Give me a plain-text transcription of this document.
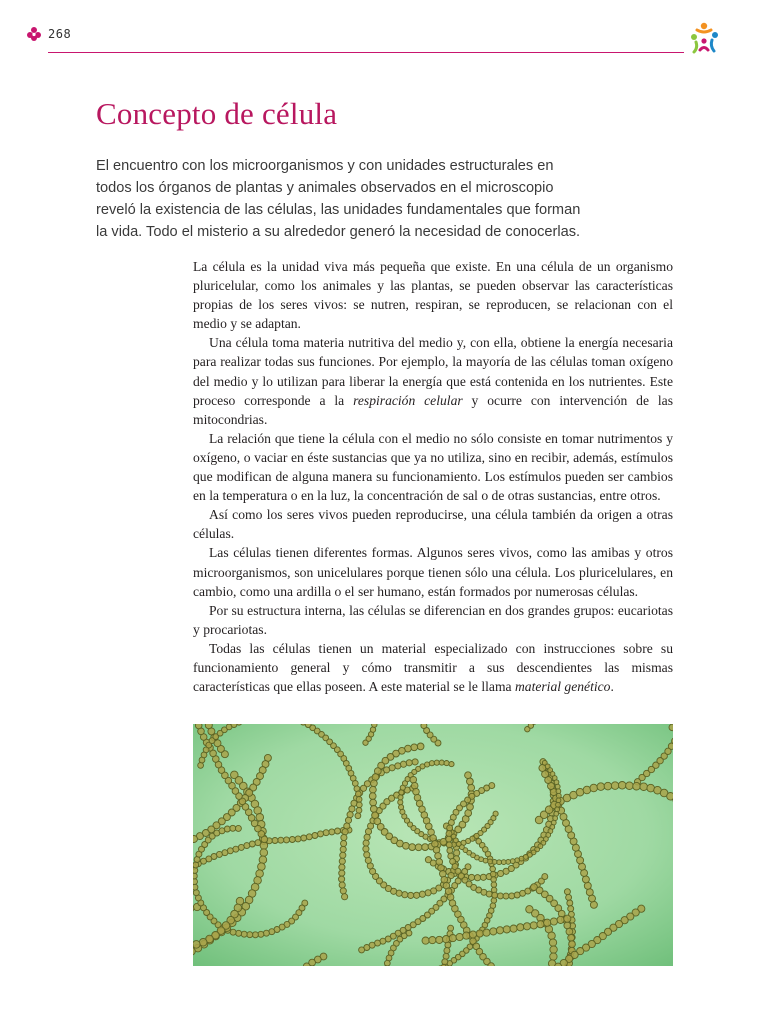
268
Concepto de célula

El encuentro con los microorganismos y con unidades estructurales en todos los órganos de plantas y animales observados en el microscopio reveló la existencia de las células, las unidades fundamentales que forman la vida. Todo el misterio a su alrededor generó la necesidad de conocerlas.

La célula es la unidad viva más pequeña que existe. En una célula de un organismo pluricelular, como los animales y las plantas, se pueden observar las características propias de los seres vivos: se nutren, respiran, se reproducen, se relacionan con el medio y se adaptan.

Una célula toma materia nutritiva del medio y, con ella, obtiene la energía necesaria para realizar todas sus funciones. Por ejemplo, la mayoría de las células toman oxígeno del medio y lo utilizan para liberar la energía que está contenida en los nutrientes. Este proceso corresponde a la respiración celular y ocurre con intervención de las mitocondrias.

La relación que tiene la célula con el medio no sólo consiste en tomar nutrimentos y oxígeno, o vaciar en éste sustancias que ya no utiliza, sino en recibir, además, estímulos que modifican de alguna manera su funcionamiento. Los estímulos pueden ser cambios en la temperatura o en la luz, la concentración de sal o de otras sustancias, entre otros.

Así como los seres vivos pueden reproducirse, una célula también da origen a otras células.

Las células tienen diferentes formas. Algunos seres vivos, como las amibas y otros microorganismos, son unicelulares porque tienen sólo una célula. Los pluricelulares, en cambio, como una ardilla o el ser humano, están formados por numerosas células.

Por su estructura interna, las células se diferencian en dos grandes grupos: eucariotas y procariotas.

Todas las células tienen un material especializado con instrucciones sobre su funcionamiento general y cómo transmitir a sus descendientes las mismas características que ellas poseen. A este material se le llama material genético.
